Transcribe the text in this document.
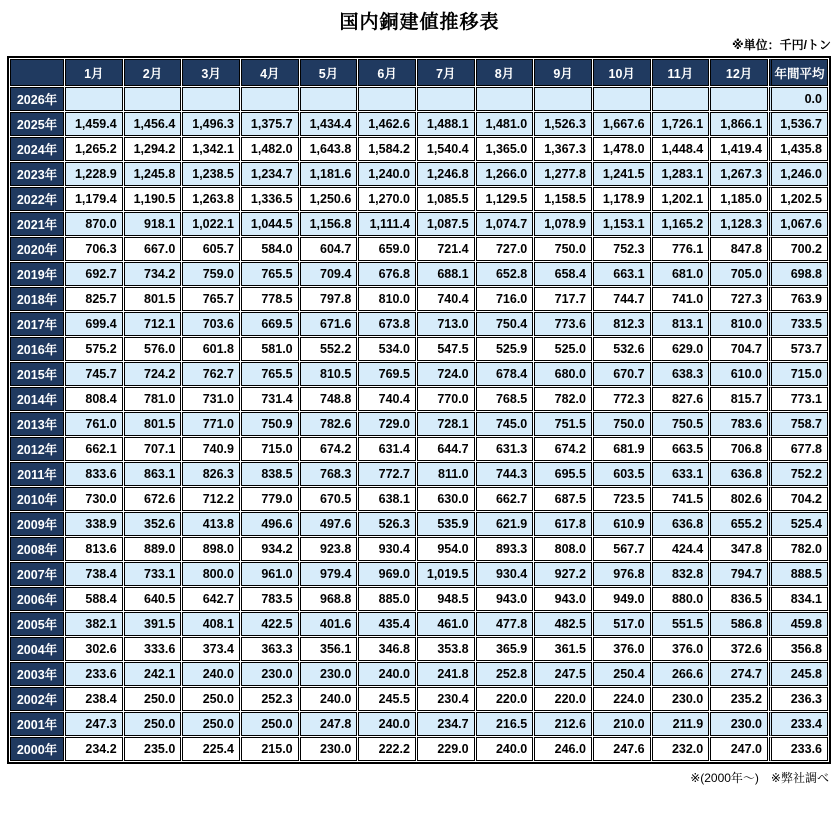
国内銅建値推移表
※単位：千円/トン
	1月	2月	3月	4月	5月	6月	7月	8月	9月	10月	11月	12月	年間平均
2026年													0.0
2025年	1,459.4	1,456.4	1,496.3	1,375.7	1,434.4	1,462.6	1,488.1	1,481.0	1,526.3	1,667.6	1,726.1	1,866.1	1,536.7
2024年	1,265.2	1,294.2	1,342.1	1,482.0	1,643.8	1,584.2	1,540.4	1,365.0	1,367.3	1,478.0	1,448.4	1,419.4	1,435.8
2023年	1,228.9	1,245.8	1,238.5	1,234.7	1,181.6	1,240.0	1,246.8	1,266.0	1,277.8	1,241.5	1,283.1	1,267.3	1,246.0
2022年	1,179.4	1,190.5	1,263.8	1,336.5	1,250.6	1,270.0	1,085.5	1,129.5	1,158.5	1,178.9	1,202.1	1,185.0	1,202.5
2021年	870.0	918.1	1,022.1	1,044.5	1,156.8	1,111.4	1,087.5	1,074.7	1,078.9	1,153.1	1,165.2	1,128.3	1,067.6
2020年	706.3	667.0	605.7	584.0	604.7	659.0	721.4	727.0	750.0	752.3	776.1	847.8	700.2
2019年	692.7	734.2	759.0	765.5	709.4	676.8	688.1	652.8	658.4	663.1	681.0	705.0	698.8
2018年	825.7	801.5	765.7	778.5	797.8	810.0	740.4	716.0	717.7	744.7	741.0	727.3	763.9
2017年	699.4	712.1	703.6	669.5	671.6	673.8	713.0	750.4	773.6	812.3	813.1	810.0	733.5
2016年	575.2	576.0	601.8	581.0	552.2	534.0	547.5	525.9	525.0	532.6	629.0	704.7	573.7
2015年	745.7	724.2	762.7	765.5	810.5	769.5	724.0	678.4	680.0	670.7	638.3	610.0	715.0
2014年	808.4	781.0	731.0	731.4	748.8	740.4	770.0	768.5	782.0	772.3	827.6	815.7	773.1
2013年	761.0	801.5	771.0	750.9	782.6	729.0	728.1	745.0	751.5	750.0	750.5	783.6	758.7
2012年	662.1	707.1	740.9	715.0	674.2	631.4	644.7	631.3	674.2	681.9	663.5	706.8	677.8
2011年	833.6	863.1	826.3	838.5	768.3	772.7	811.0	744.3	695.5	603.5	633.1	636.8	752.2
2010年	730.0	672.6	712.2	779.0	670.5	638.1	630.0	662.7	687.5	723.5	741.5	802.6	704.2
2009年	338.9	352.6	413.8	496.6	497.6	526.3	535.9	621.9	617.8	610.9	636.8	655.2	525.4
2008年	813.6	889.0	898.0	934.2	923.8	930.4	954.0	893.3	808.0	567.7	424.4	347.8	782.0
2007年	738.4	733.1	800.0	961.0	979.4	969.0	1,019.5	930.4	927.2	976.8	832.8	794.7	888.5
2006年	588.4	640.5	642.7	783.5	968.8	885.0	948.5	943.0	943.0	949.0	880.0	836.5	834.1
2005年	382.1	391.5	408.1	422.5	401.6	435.4	461.0	477.8	482.5	517.0	551.5	586.8	459.8
2004年	302.6	333.6	373.4	363.3	356.1	346.8	353.8	365.9	361.5	376.0	376.0	372.6	356.8
2003年	233.6	242.1	240.0	230.0	230.0	240.0	241.8	252.8	247.5	250.4	266.6	274.7	245.8
2002年	238.4	250.0	250.0	252.3	240.0	245.5	230.4	220.0	220.0	224.0	230.0	235.2	236.3
2001年	247.3	250.0	250.0	250.0	247.8	240.0	234.7	216.5	212.6	210.0	211.9	230.0	233.4
2000年	234.2	235.0	225.4	215.0	230.0	222.2	229.0	240.0	246.0	247.6	232.0	247.0	233.6
※(2000年～)　※弊社調べ
